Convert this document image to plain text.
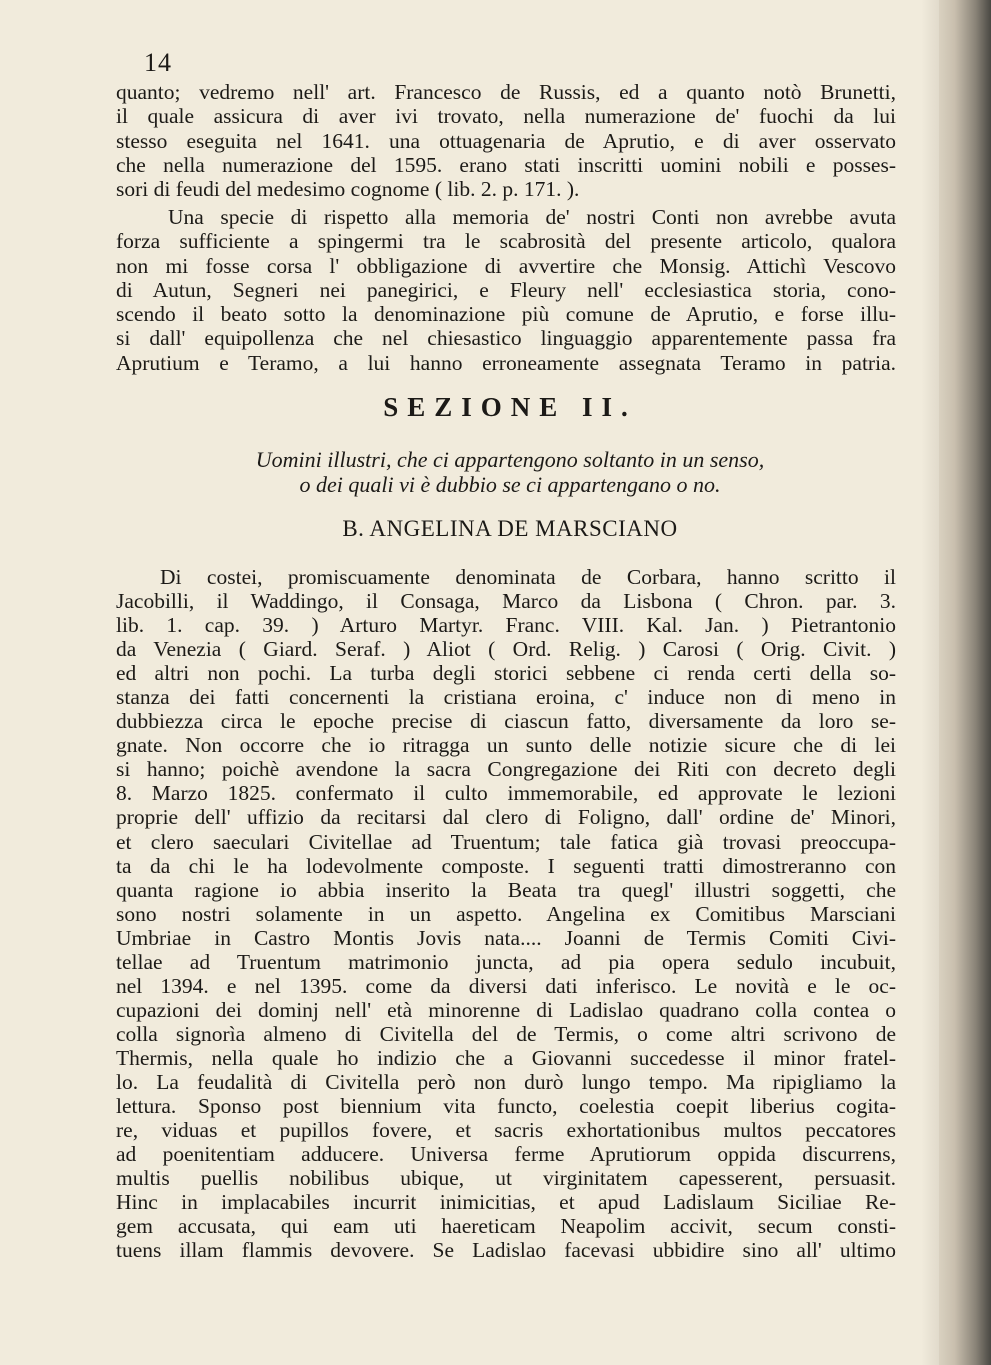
14
quanto; vedremo nell' art. Francesco de Russis, ed a quanto notò Brunetti,
il quale assicura di aver ivi trovato, nella numerazione de' fuochi da lui
stesso eseguita nel 1641. una ottuagenaria de Aprutio, e di aver osservato
che nella numerazione del 1595. erano stati inscritti uomini nobili e posses-
sori di feudi del medesimo cognome ( lib. 2. p. 171. ).
Una specie di rispetto alla memoria de' nostri Conti non avrebbe avuta
forza sufficiente a spingermi tra le scabrosità del presente articolo, qualora
non mi fosse corsa l' obbligazione di avvertire che Monsig. Attichì Vescovo
di Autun, Segneri nei panegirici, e Fleury nell' ecclesiastica storia, cono-
scendo il beato sotto la denominazione più comune de Aprutio, e forse illu-
si dall' equipollenza che nel chiesastico linguaggio apparentemente passa fra
Aprutium e Teramo, a lui hanno erroneamente assegnata Teramo in patria.
SEZIONE II.
Uomini illustri, che ci appartengono soltanto in un senso,
o dei quali vi è dubbio se ci appartengano o no.
B. ANGELINA DE MARSCIANO
Di costei, promiscuamente denominata de Corbara, hanno scritto il
Jacobilli, il Waddingo, il Consaga, Marco da Lisbona ( Chron. par. 3.
lib. 1. cap. 39. ) Arturo Martyr. Franc. VIII. Kal. Jan. ) Pietrantonio
da Venezia ( Giard. Seraf. ) Aliot ( Ord. Relig. ) Carosi ( Orig. Civit. )
ed altri non pochi. La turba degli storici sebbene ci renda certi della so-
stanza dei fatti concernenti la cristiana eroina, c' induce non di meno in
dubbiezza circa le epoche precise di ciascun fatto, diversamente da loro se-
gnate. Non occorre che io ritragga un sunto delle notizie sicure che di lei
si hanno; poichè avendone la sacra Congregazione dei Riti con decreto degli
8. Marzo 1825. confermato il culto immemorabile, ed approvate le lezioni
proprie dell' uffizio da recitarsi dal clero di Foligno, dall' ordine de' Minori,
et clero saeculari Civitellae ad Truentum; tale fatica già trovasi preoccupa-
ta da chi le ha lodevolmente composte. I seguenti tratti dimostreranno con
quanta ragione io abbia inserito la Beata tra quegl' illustri soggetti, che
sono nostri solamente in un aspetto. Angelina ex Comitibus Marsciani
Umbriae in Castro Montis Jovis nata.... Joanni de Termis Comiti Civi-
tellae ad Truentum matrimonio juncta, ad pia opera sedulo incubuit,
nel 1394. e nel 1395. come da diversi dati inferisco. Le novità e le oc-
cupazioni dei dominj nell' età minorenne di Ladislao quadrano colla contea o
colla signorìa almeno di Civitella del de Termis, o come altri scrivono de
Thermis, nella quale ho indizio che a Giovanni succedesse il minor fratel-
lo. La feudalità di Civitella però non durò lungo tempo. Ma ripigliamo la
lettura. Sponso post biennium vita functo, coelestia coepit liberius cogita-
re, viduas et pupillos fovere, et sacris exhortationibus multos peccatores
ad poenitentiam adducere. Universa ferme Aprutiorum oppida discurrens,
multis puellis nobilibus ubique, ut virginitatem capesserent, persuasit.
Hinc in implacabiles incurrit inimicitias, et apud Ladislaum Siciliae Re-
gem accusata, qui eam uti haereticam Neapolim accivit, secum consti-
tuens illam flammis devovere. Se Ladislao facevasi ubbidire sino all' ultimo
